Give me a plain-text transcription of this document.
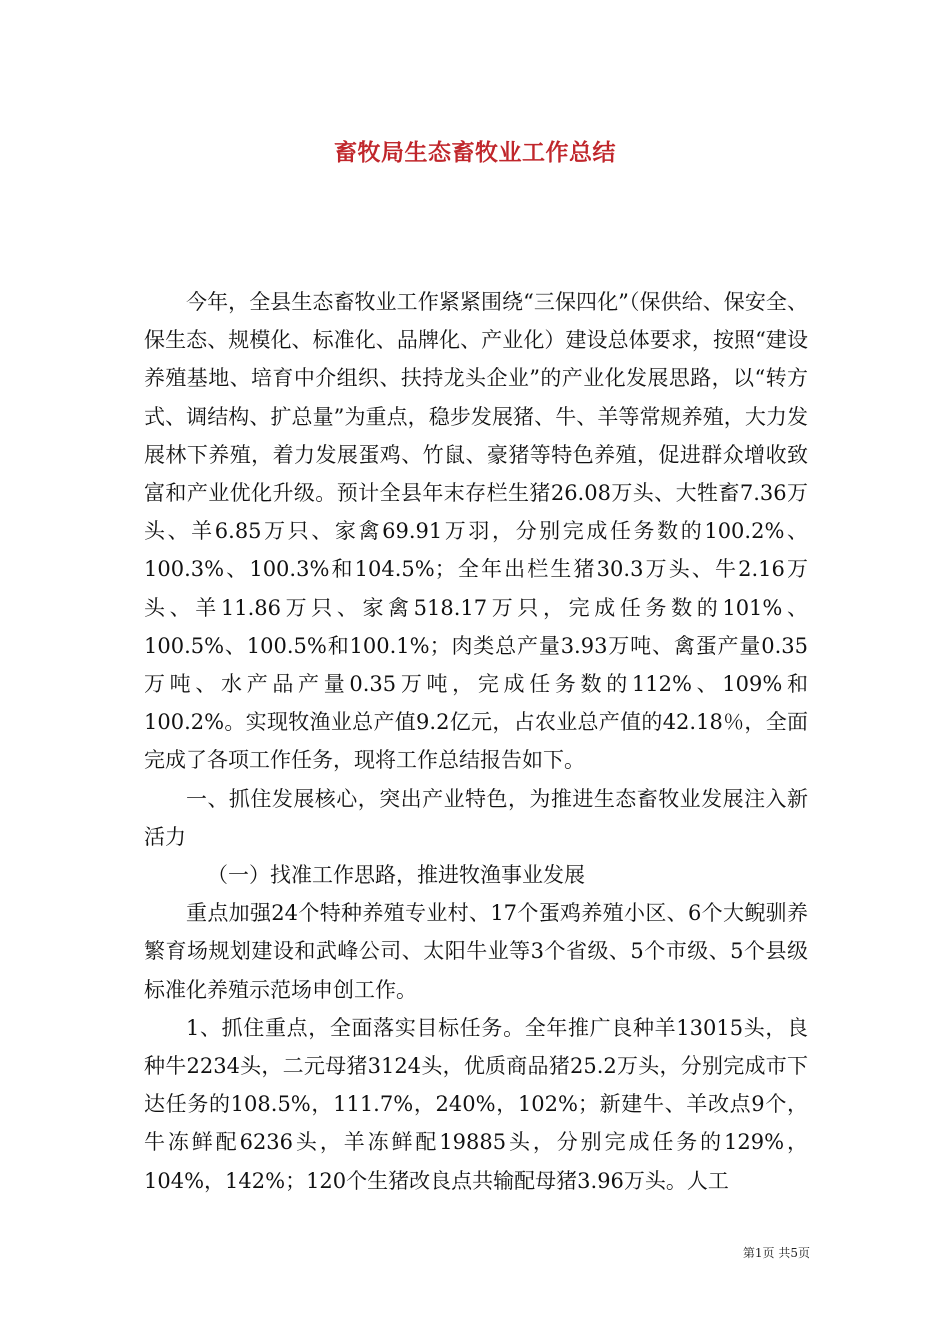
畜牧局生态畜牧业工作总结

今年，全县生态畜牧业工作紧紧围绕“三保四化”（保供给、保安全、保生态、规模化、标准化、品牌化、产业化）建设总体要求，按照“建设养殖基地、培育中介组织、扶持龙头企业”的产业化发展思路，以“转方式、调结构、扩总量”为重点，稳步发展猪、牛、羊等常规养殖，大力发展林下养殖，着力发展蛋鸡、竹鼠、豪猪等特色养殖，促进群众增收致富和产业优化升级。预计全县年末存栏生猪26.08万头、大牲畜7.36万头、羊6.85万只、家禽69.91万羽，分别完成任务数的100.2%、100.3%、100.3%和104.5%；全年出栏生猪30.3万头、牛2.16万头、羊11.86万只、家禽518.17万只，完成任务数的101%、100.5%、100.5%和100.1%；肉类总产量3.93万吨、禽蛋产量0.35万吨、水产品产量0.35万吨，完成任务数的112%、109%和100.2%。实现牧渔业总产值9.2亿元，占农业总产值的42.18％，全面完成了各项工作任务，现将工作总结报告如下。

一、抓住发展核心，突出产业特色，为推进生态畜牧业发展注入新活力

（一）找准工作思路，推进牧渔事业发展

重点加强24个特种养殖专业村、17个蛋鸡养殖小区、6个大鲵驯养繁育场规划建设和武峰公司、太阳牛业等3个省级、5个市级、5个县级标准化养殖示范场申创工作。

1、抓住重点，全面落实目标任务。全年推广良种羊13015头，良种牛2234头，二元母猪3124头，优质商品猪25.2万头，分别完成市下达任务的108.5%，111.7%，240%，102%；新建牛、羊改点9个，牛冻鲜配6236头，羊冻鲜配19885头，分别完成任务的129%，104%，142%；120个生猪改良点共输配母猪3.96万头。人工

第1页 共5页
